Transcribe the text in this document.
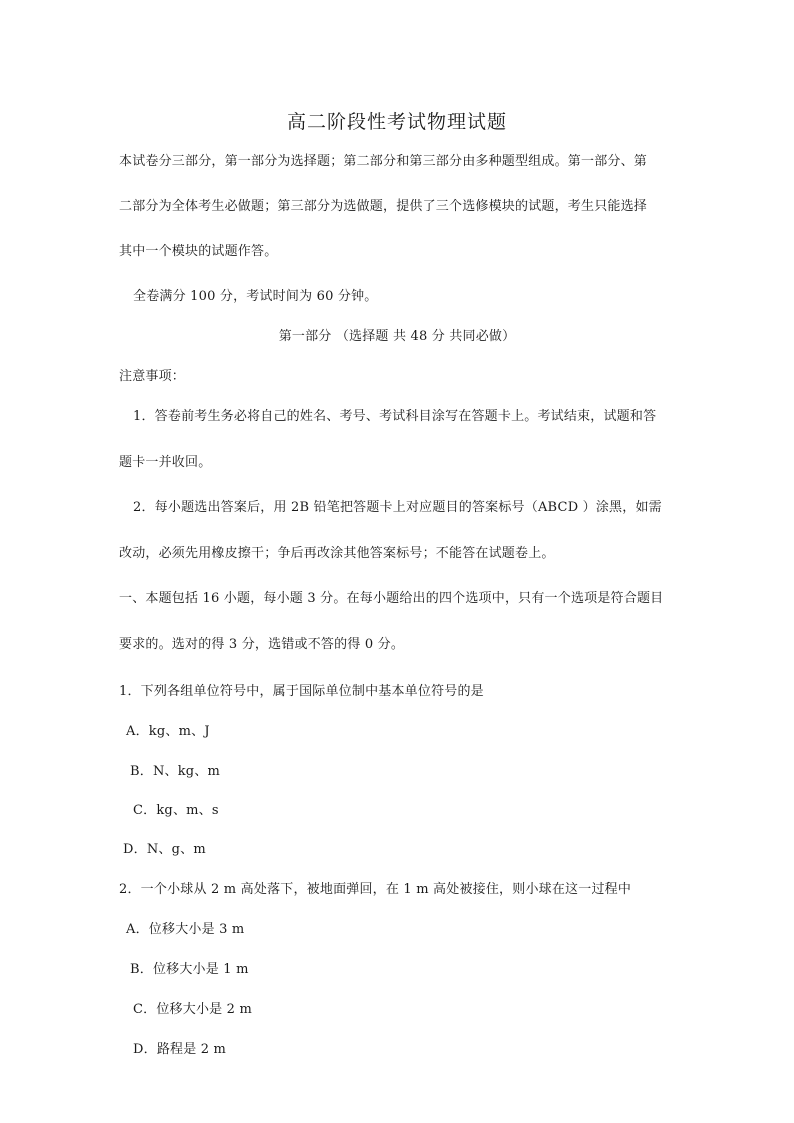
高二阶段性考试物理试题
本试卷分三部分，第一部分为选择题；第二部分和第三部分由多种题型组成。第一部分、第
二部分为全体考生必做题；第三部分为选做题，提供了三个选修模块的试题，考生只能选择
其中一个模块的试题作答。
全卷满分 100 分，考试时间为 60 分钟。
第一部分 （选择题 共 48 分 共同必做）
注意事项：
1．答卷前考生务必将自己的姓名、考号、考试科目涂写在答题卡上。考试结束，试题和答
题卡一并收回。
2．每小题选出答案后，用 2B 铅笔把答题卡上对应题目的答案标号（ABCD ）涂黑，如需
改动，必须先用橡皮擦干；争后再改涂其他答案标号；不能答在试题卷上。
一、本题包括 16 小题，每小题 3 分。在每小题给出的四个选项中，只有一个选项是符合题目
要求的。选对的得 3 分，选错或不答的得 0 分。
1．下列各组单位符号中，属于国际单位制中基本单位符号的是
A．kg、m、J
B．N、kg、m
C．kg、m、s
D．N、g、m
2．一个小球从 2 m 高处落下，被地面弹回，在 1 m 高处被接住，则小球在这一过程中
A．位移大小是 3 m
B．位移大小是 1 m
C．位移大小是 2 m
D．路程是 2 m
